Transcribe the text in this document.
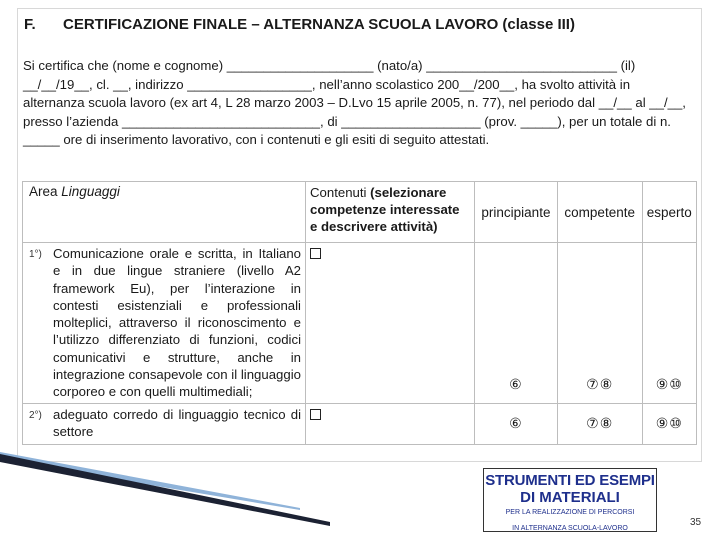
F. CERTIFICAZIONE FINALE – ALTERNANZA SCUOLA LAVORO (classe III)
Si certifica che (nome e cognome) ____________________ (nato/a) __________________________ (il) __/__/19__, cl. __, indirizzo _________________, nell’anno scolastico 200__/200__, ha svolto attività in alternanza scuola lavoro (ex art 4, L 28 marzo 2003 – D.Lvo 15 aprile 2005, n. 77), nel periodo dal __/__ al __/__, presso l’azienda ___________________________, di ___________________ (prov. _____), per un totale di n. _____ ore di inserimento lavorativo, con i contenuti e gli esiti di seguito attestati.
Area Linguaggi		Contenuti (selezionare competenze interessate e descrivere attività)	principiante	competente	esperto
1°)	Comunicazione orale e scritta, in Italiano e in due lingue straniere (livello A2 framework Eu), per l’interazione in contesti esistenziali e professionali molteplici, attraverso il riconoscimento e l’utilizzo differenziato di funzioni, codici comunicativi e strutture, anche in integrazione consapevole con il linguaggio corporeo e con quelli multimediali;		⑥	⑦⑧	⑨⑩
2°)	adeguato corredo di linguaggio tecnico di settore		⑥	⑦⑧	⑨⑩
STRUMENTI ED ESEMPI
DI MATERIALI
PER LA REALIZZAZIONE DI PERCORSI
IN ALTERNANZA SCUOLA-LAVORO
35
